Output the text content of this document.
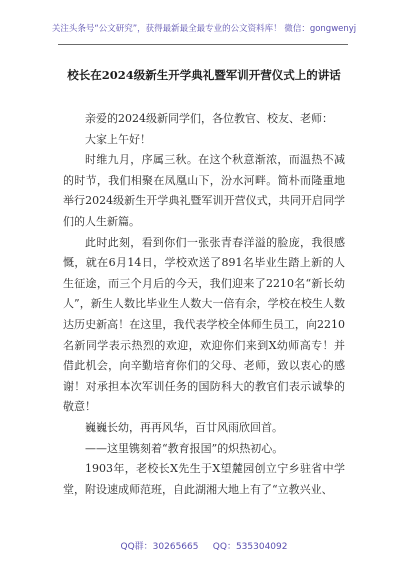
关注头条号“公文研究”，获得最新最全最专业的公文资料库！ 微信：gongwenyj
校长在2024级新生开学典礼暨军训开营仪式上的讲话

亲爱的2024级新同学们，各位教官、校友、老师：

大家上午好！

时维九月，序属三秋。在这个秋意渐浓，而温热不减的时节，我们相聚在凤凰山下，汾水河畔。简朴而隆重地举行2024级新生开学典礼暨军训开营仪式，共同开启同学们的人生新篇。

此时此刻，看到你们一张张青春洋溢的脸庞，我很感慨，就在6月14日，学校欢送了891名毕业生踏上新的人生征途，而三个月后的今天，我们迎来了2210名“新长幼人”，新生人数比毕业生人数大一倍有余，学校在校生人数达历史新高！在这里，我代表学校全体师生员工，向2210名新同学表示热烈的欢迎，欢迎你们来到X幼师高专！并借此机会，向辛勤培育你们的父母、老师，致以衷心的感谢！对承担本次军训任务的国防科大的教官们表示诚挚的敬意！

巍巍长幼，再再风华，百廿风雨欣回首。

——这里镌刻着“教育报国”的炽热初心。

1903年，老校长X先生于X望麓园创立宁乡驻省中学堂，附设速成师范班，自此湖湘大地上有了“立教兴业、

QQ群：30265665     QQ：535304092
